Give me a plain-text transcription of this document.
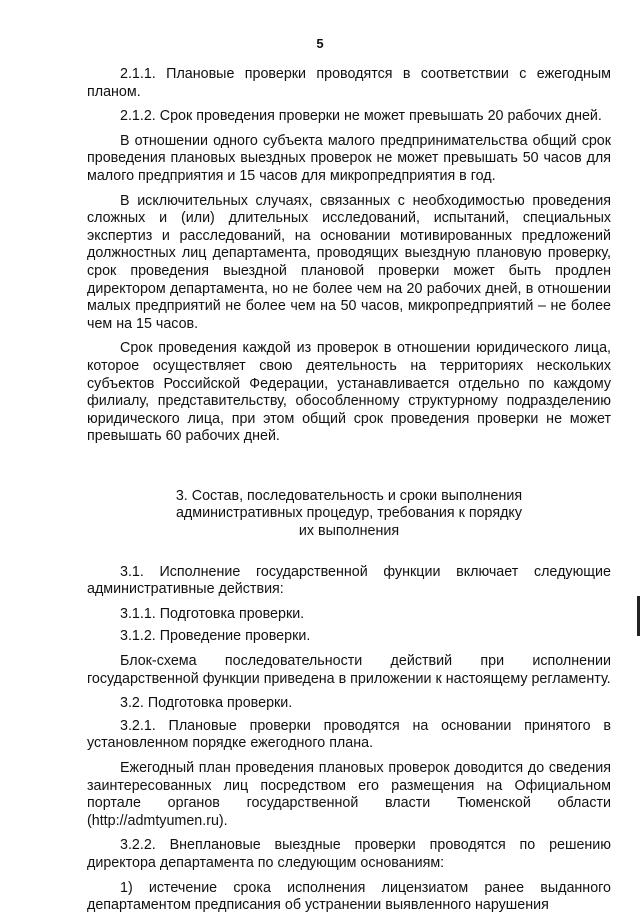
5

2.1.1. Плановые проверки проводятся в соответствии с ежегодным планом.

2.1.2. Срок проведения проверки не может превышать 20 рабочих дней.

В отношении одного субъекта малого предпринимательства общий срок проведения плановых выездных проверок не может превышать 50 часов для малого предприятия и 15 часов для микропредприятия в год.

В исключительных случаях, связанных с необходимостью проведения сложных и (или) длительных исследований, испытаний, специальных экспертиз и расследований, на основании мотивированных предложений должностных лиц департамента, проводящих выездную плановую проверку, срок проведения выездной плановой проверки может быть продлен директором департамента, но не более чем на 20 рабочих дней, в отношении малых предприятий не более чем на 50 часов, микропредприятий – не более чем на 15 часов.

Срок проведения каждой из проверок в отношении юридического лица, которое осуществляет свою деятельность на территориях нескольких субъектов Российской Федерации, устанавливается отдельно по каждому филиалу, представительству, обособленному структурному подразделению юридического лица, при этом общий срок проведения проверки не может превышать 60 рабочих дней.

3. Состав, последовательность и сроки выполнения
административных процедур, требования к порядку
их выполнения

3.1. Исполнение государственной функции включает следующие административные действия:

3.1.1. Подготовка проверки.

3.1.2. Проведение проверки.

Блок-схема последовательности действий при исполнении государственной функции приведена в приложении к настоящему регламенту.

3.2. Подготовка проверки.

3.2.1. Плановые проверки проводятся на основании принятого в установленном порядке ежегодного плана.

Ежегодный план проведения плановых проверок доводится до сведения заинтересованных лиц посредством его размещения на Официальном портале органов государственной власти Тюменской области (http://admtyumen.ru).

3.2.2. Внеплановые выездные проверки проводятся по решению директора департамента по следующим основаниям:

1) истечение срока исполнения лицензиатом ранее выданного департаментом предписания об устранении выявленного нарушения
